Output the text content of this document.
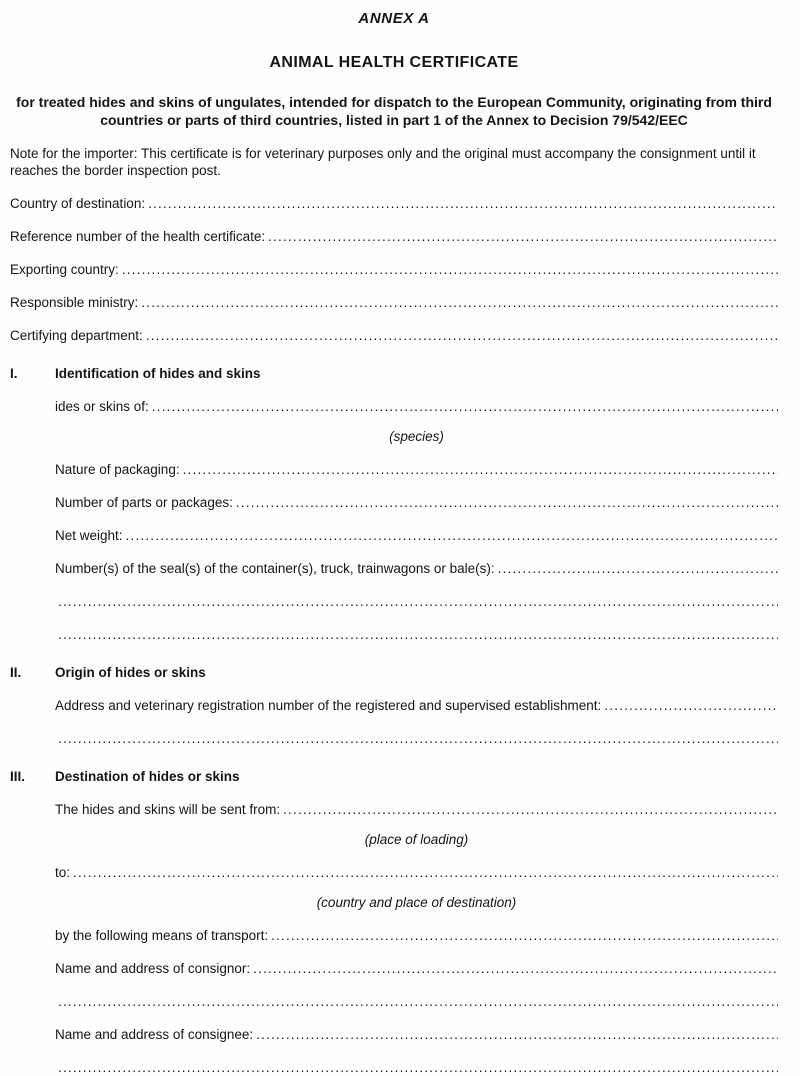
ANNEX A
ANIMAL HEALTH CERTIFICATE

for treated hides and skins of ungulates, intended for dispatch to the European Community, originating from third countries or parts of third countries, listed in part 1 of the Annex to Decision 79/542/EEC

Note for the importer: This certificate is for veterinary purposes only and the original must accompany the consignment until it reaches the border inspection post.

Country of destination:
.....
Reference number of the health certificate:
.....
Exporting country:
.....
Responsible ministry:
.....
Certifying department:
.....
I.	Identification of hides and skins
ides or skins of:
.....
(species)
Nature of packaging:
.....
Number of parts or packages:
.....
Net weight:
.....
Number(s) of the seal(s) of the container(s), truck, trainwagons or bale(s):
.....
.....
.....
II.	Origin of hides or skins
Address and veterinary registration number of the registered and supervised establishment:
.....
.....
III.	Destination of hides or skins
The hides and skins will be sent from:
.....
(place of loading)
to:
.....
(country and place of destination)
by the following means of transport:
.....
Name and address of consignor:
.....
.....
Name and address of consignee:
.....
.....
